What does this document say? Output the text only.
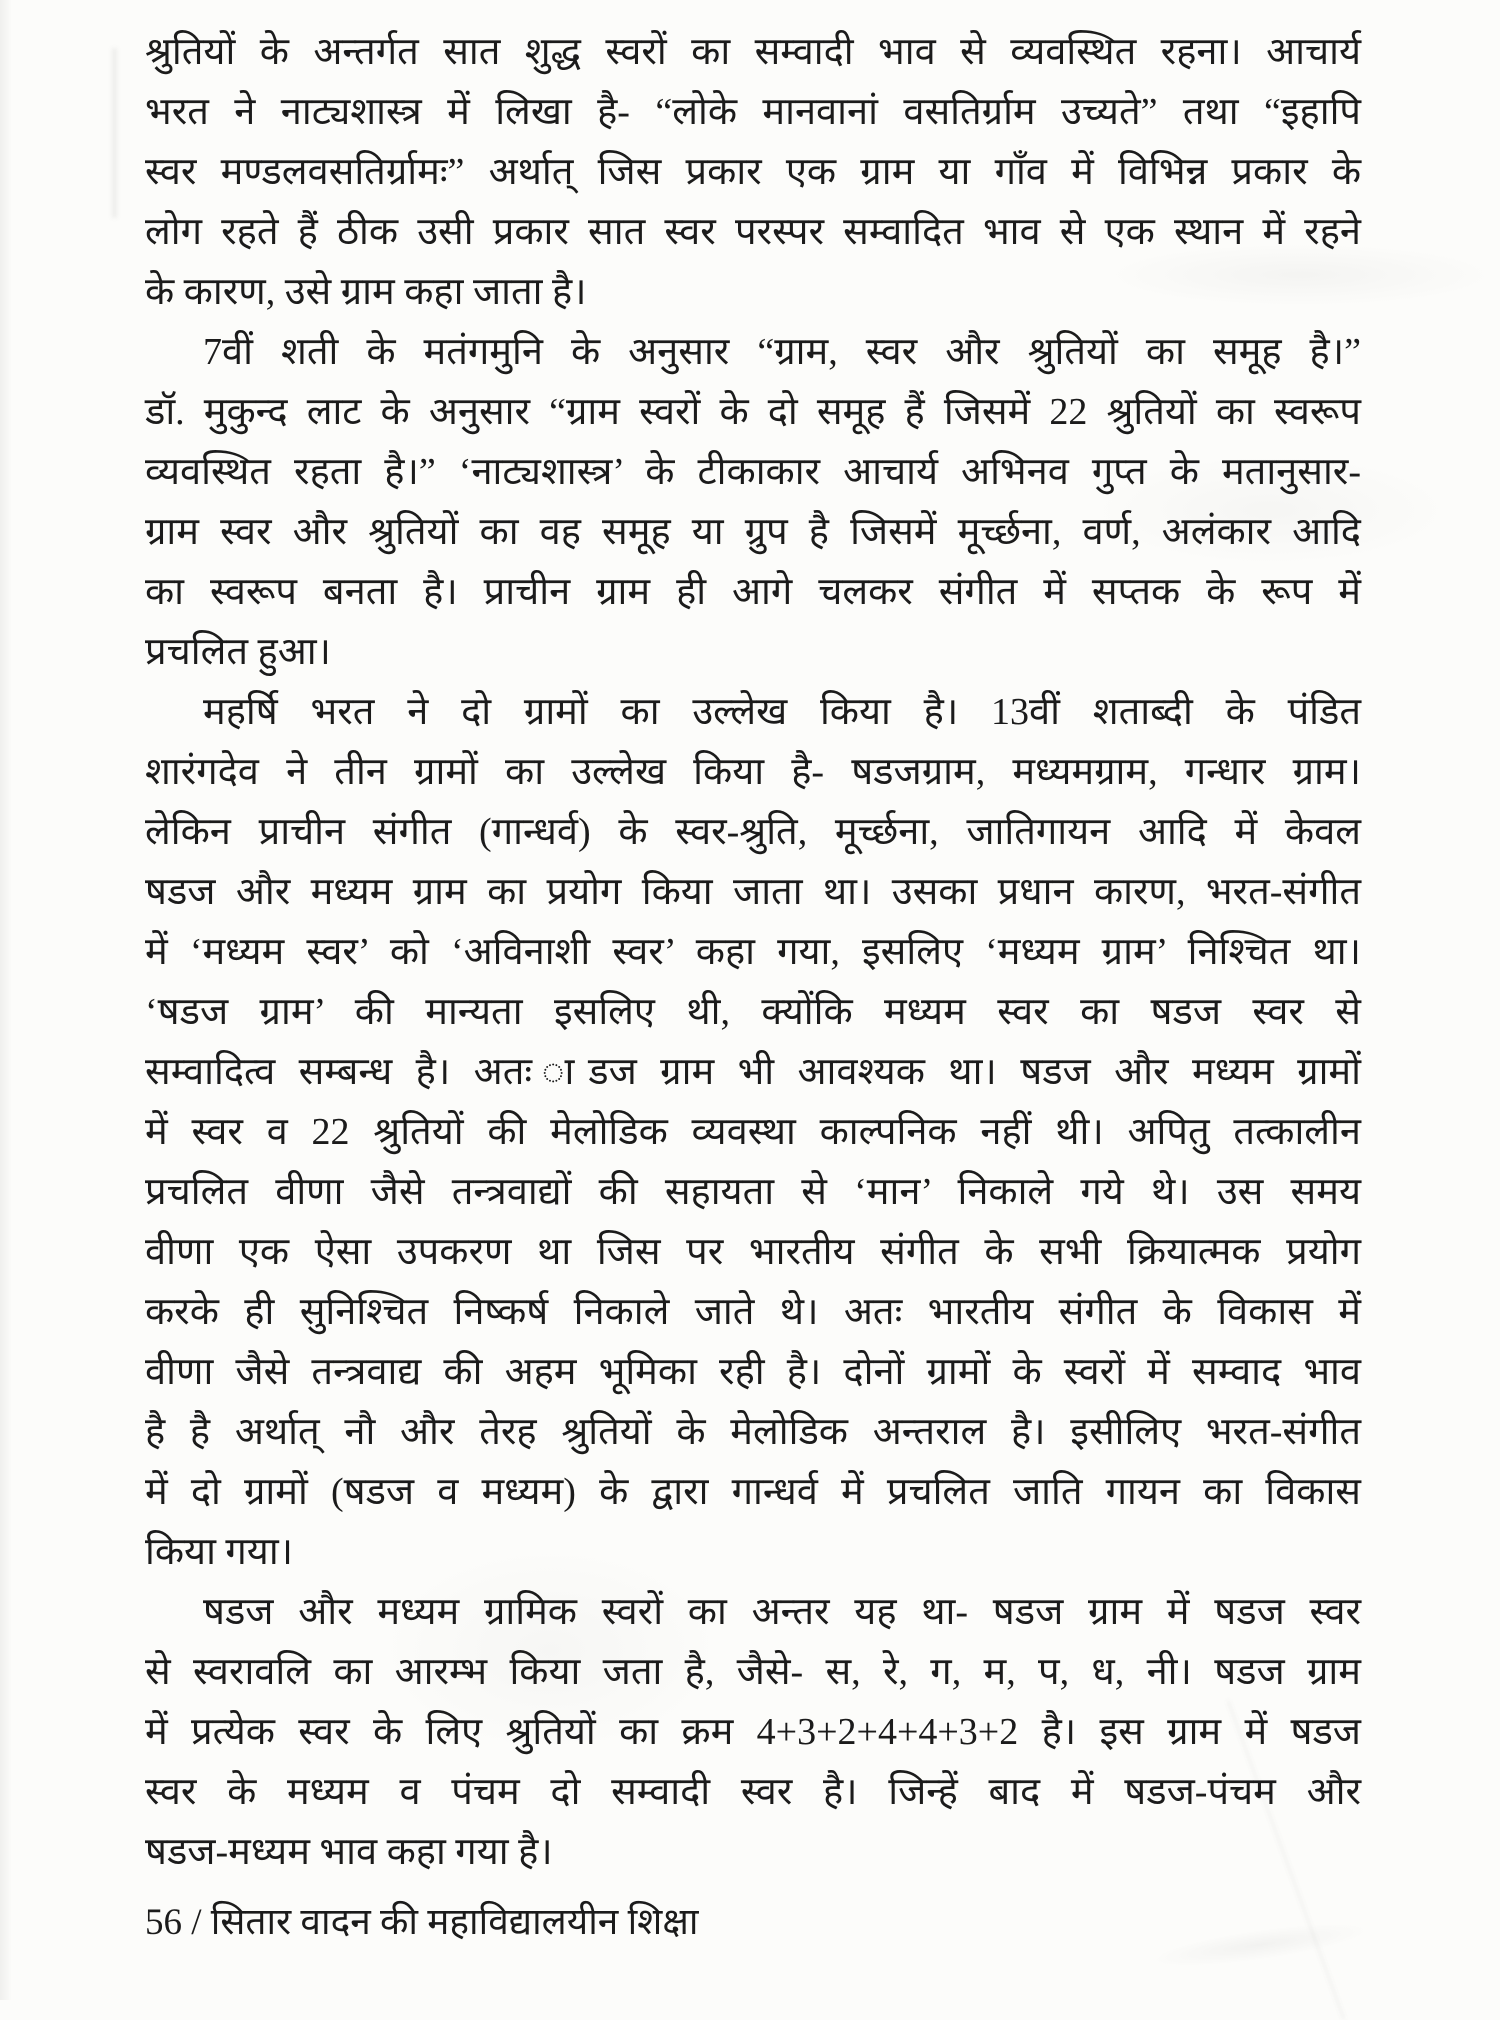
श्रुतियों के अन्तर्गत सात शुद्ध स्वरों का सम्वादी भाव से व्यवस्थित रहना। आचार्य

भरत ने नाट्यशास्त्र में लिखा है- “लोके मानवानां वसतिर्ग्राम उच्यते” तथा “इहापि

स्वर मण्डलवसतिर्ग्रामः” अर्थात् जिस प्रकार एक ग्राम या गाँव में विभिन्न प्रकार के

लोग रहते हैं ठीक उसी प्रकार सात स्वर परस्पर सम्वादित भाव से एक स्थान में रहने

के कारण, उसे ग्राम कहा जाता है।

7वीं शती के मतंगमुनि के अनुसार “ग्राम, स्वर और श्रुतियों का समूह है।”

डॉ. मुकुन्द लाट के अनुसार “ग्राम स्वरों के दो समूह हैं जिसमें 22 श्रुतियों का स्वरूप

व्यवस्थित रहता है।” ‘नाट्यशास्त्र’ के टीकाकार आचार्य अभिनव गुप्त के मतानुसार-

ग्राम स्वर और श्रुतियों का वह समूह या ग्रुप है जिसमें मूर्च्छना, वर्ण, अलंकार आदि

का स्वरूप बनता है। प्राचीन ग्राम ही आगे चलकर संगीत में सप्तक के रूप में

प्रचलित हुआ।

महर्षि भरत ने दो ग्रामों का उल्लेख किया है। 13वीं शताब्दी के पंडित

शारंगदेव ने तीन ग्रामों का उल्लेख किया है- षडजग्राम, मध्यमग्राम, गन्धार ग्राम।

लेकिन प्राचीन संगीत (गान्धर्व) के स्वर-श्रुति, मूर्च्छना, जातिगायन आदि में केवल

षडज और मध्यम ग्राम का प्रयोग किया जाता था। उसका प्रधान कारण, भरत-संगीत

में ‘मध्यम स्वर’ को ‘अविनाशी स्वर’ कहा गया, इसलिए ‘मध्यम ग्राम’ निश्चित था।

‘षडज ग्राम’ की मान्यता इसलिए थी, क्योंकि मध्यम स्वर का षडज स्वर से

सम्वादित्व सम्बन्ध है। अतः ाडज ग्राम भी आवश्यक था। षडज और मध्यम ग्रामों

में स्वर व 22 श्रुतियों की मेलोडिक व्यवस्था काल्पनिक नहीं थी। अपितु तत्कालीन

प्रचलित वीणा जैसे तन्त्रवाद्यों की सहायता से ‘मान’ निकाले गये थे। उस समय

वीणा एक ऐसा उपकरण था जिस पर भारतीय संगीत के सभी क्रियात्मक प्रयोग

करके ही सुनिश्चित निष्कर्ष निकाले जाते थे। अतः भारतीय संगीत के विकास में

वीणा जैसे तन्त्रवाद्य की अहम भूमिका रही है। दोनों ग्रामों के स्वरों में सम्वाद भाव

है है अर्थात् नौ और तेरह श्रुतियों के मेलोडिक अन्तराल है। इसीलिए भरत-संगीत

में दो ग्रामों (षडज व मध्यम) के द्वारा गान्धर्व में प्रचलित जाति गायन का विकास

किया गया।

षडज और मध्यम ग्रामिक स्वरों का अन्तर यह था- षडज ग्राम में षडज स्वर

से स्वरावलि का आरम्भ किया जता है, जैसे- स, रे, ग, म, प, ध, नी। षडज ग्राम

में प्रत्येक स्वर के लिए श्रुतियों का क्रम 4+3+2+4+4+3+2 है। इस ग्राम में षडज

स्वर के मध्यम व पंचम दो सम्वादी स्वर है। जिन्हें बाद में षडज-पंचम और

षडज-मध्यम भाव कहा गया है।

56 / सितार वादन की महाविद्यालयीन शिक्षा
